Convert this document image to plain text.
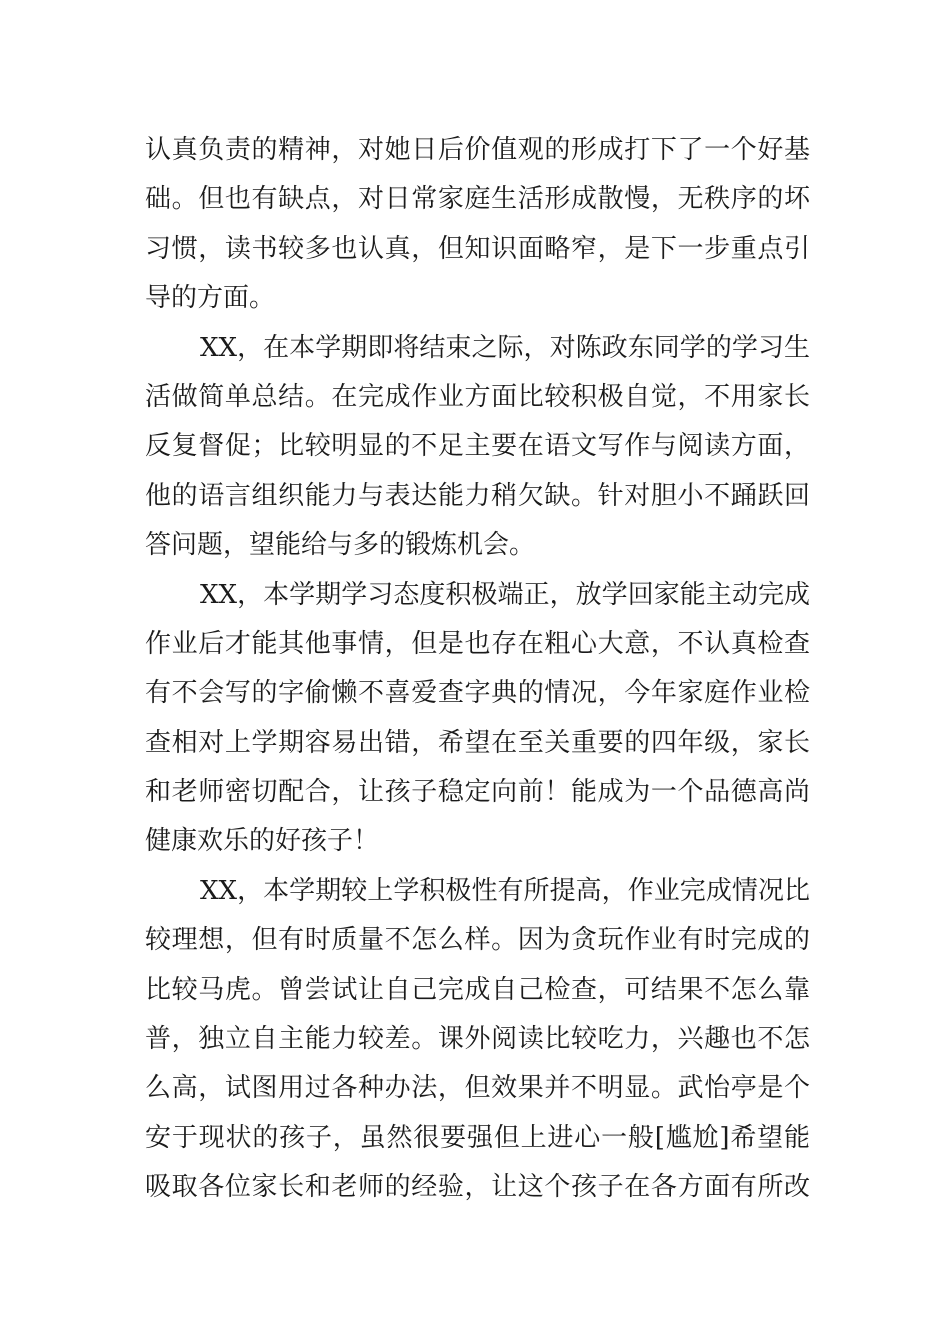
认真负责的精神，对她日后价值观的形成打下了一个好基
础。但也有缺点，对日常家庭生活形成散慢，无秩序的坏
习惯，读书较多也认真，但知识面略窄，是下一步重点引
导的方面。
XX，在本学期即将结束之际，对陈政东同学的学习生
活做简单总结。在完成作业方面比较积极自觉，不用家长
反复督促；比较明显的不足主要在语文写作与阅读方面，
他的语言组织能力与表达能力稍欠缺。针对胆小不踊跃回
答问题，望能给与多的锻炼机会。
XX，本学期学习态度积极端正，放学回家能主动完成
作业后才能其他事情，但是也存在粗心大意，不认真检查
有不会写的字偷懒不喜爱查字典的情况，今年家庭作业检
查相对上学期容易出错，希望在至关重要的四年级，家长
和老师密切配合，让孩子稳定向前！能成为一个品德高尚
健康欢乐的好孩子！
XX，本学期较上学积极性有所提高，作业完成情况比
较理想，但有时质量不怎么样。因为贪玩作业有时完成的
比较马虎。曾尝试让自己完成自己检查，可结果不怎么靠
普，独立自主能力较差。课外阅读比较吃力，兴趣也不怎
么高，试图用过各种办法，但效果并不明显。武怡亭是个
安于现状的孩子，虽然很要强但上进心一般[尴尬]希望能
吸取各位家长和老师的经验，让这个孩子在各方面有所改
